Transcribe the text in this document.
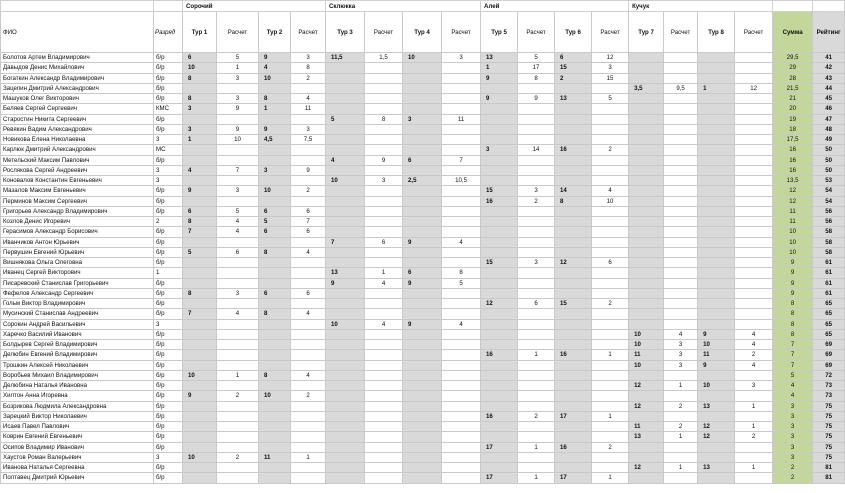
		Сорочий				Склюкка				Алей				Кучук					
ФИО	Разряд	Тур 1	Расчет	Тур 2	Расчет	Тур 3	Расчет	Тур 4	Расчет	Тур 5	Расчет	Тур 6	Расчет	Тур 7	Расчет	Тур 8	Расчет	Сумма	Рейтинг
Болотов Артем Владимирович	б/р	6	5	9	3	11,5	1,5	10	3	13	5	6	12					29,5	41
Давыдов Денис Михайлович	б/р	10	1	4	8					1	17	15	3					29	42
Богаткин Александр Владимирович	б/р	8	3	10	2					9	8	2	15					28	43
Зацепин Дмитрий Александрович	б/р													3,5	9,5	1	12	21,5	44
Машуков Олег Викторович	б/р	8	3	8	4					9	9	13	5					21	45
Беляев Сергей Сергеевич	КМС	3	9	1	11													20	46
Старостин Никита Сергеевич	б/р					5	8	3	11									19	47
Ревякин Вадим Александрович	б/р	3	9	9	3													18	48
Новикова Елена Николаевна	3	1	10	4,5	7,5													17,5	49
Карлюк Дмитрий Александрович	МС									3	14	16	2					16	50
Метельский Максим Павлович	б/р					4	9	6	7									16	50
Рослякова Сергей Андреевич	3	4	7	3	9													16	50
Коновалов Константин Евгеньевич	3					10	3	2,5	10,5									13,5	53
Мазалов Максим Евгеньевич	б/р	9	3	10	2					15	3	14	4					12	54
Перминов Максим Сергеевич	б/р									16	2	8	10					12	54
Григорьев Александр Владимирович	б/р	6	5	6	6													11	56
Козлов Денис Игоревич	2	8	4	5	7													11	56
Герасимов Александр Борисович	б/р	7	4	6	6													10	58
Иванчиков Антон Юрьевич	б/р					7	6	9	4									10	58
Первушин Евгений Юрьевич	б/р	5	6	8	4													10	58
Вишнякова Ольга Олеговна	б/р									15	3	12	6					9	61
Иванец Сергей Викторович	1					13	1	6	8									9	61
Писаревский Станислав Григорьевич	б/р					9	4	9	5									9	61
Фефелов Александр Сергеевич	б/р	8	3	6	6													9	61
Гольм Виктор Владимирович	б/р									12	6	15	2					8	65
Мусинский Станислав Андреевич	б/р	7	4	8	4													8	65
Сорокин Андрей Васильевич	3					10	4	9	4									8	65
Харечко Василий Иванович	б/р													10	4	9	4	8	65
Болдырев Сергей Владимирович	б/р													10	3	10	4	7	69
Делюбин Евгений Владимирович	б/р									16	1	16	1	11	3	11	2	7	69
Трошкин Алексей Николаевич	б/р													10	3	9	4	7	69
Воробьев Михаил Владимирович	б/р	10	1	8	4													5	72
Делюбина Наталья Ивановна	б/р													12	1	10	3	4	73
Хилтон Анна Игоревна	б/р	9	2	10	2													4	73
Бозрикова Людмила Александровна	б/р													12	2	13	1	3	75
Зарецкий Виктор Николаевич	б/р									16	2	17	1					3	75
Исаев Павел Павлович	б/р													11	2	12	1	3	75
Коврин Евгений Евгеньевич	б/р													13	1	12	2	3	75
Осипов Владимир Иванович	б/р									17	1	16	2					3	75
Хаустов Роман Валерьевич	3	10	2	11	1													3	75
Иванова Наталья Сергеевна	б/р													12	1	13	1	2	81
Полтавец Дмитрий Юрьевич	б/р									17	1	17	1					2	81
